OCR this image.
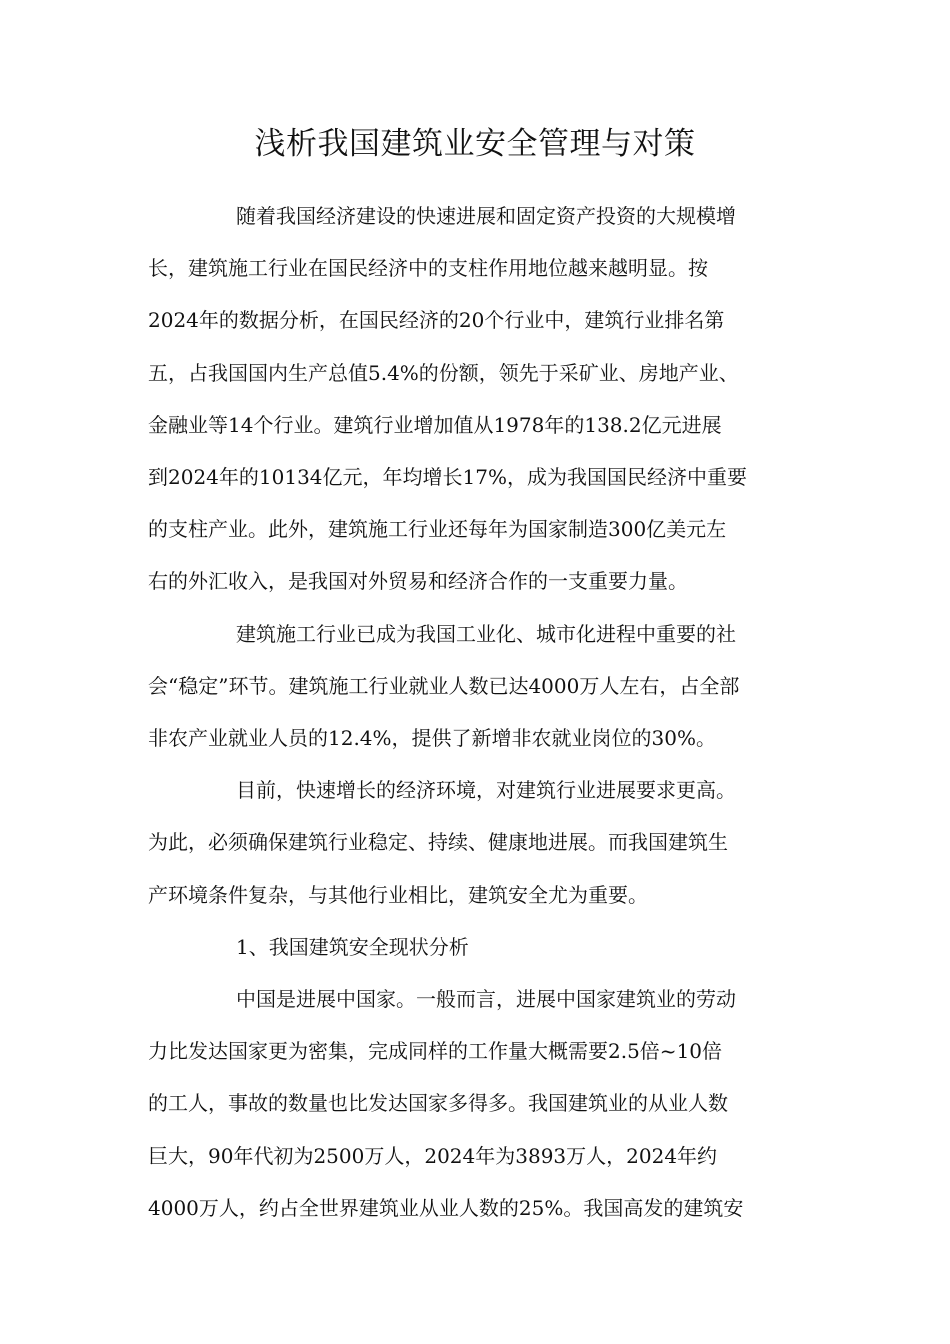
浅析我国建筑业安全管理与对策

随着我国经济建设的快速进展和固定资产投资的大规模增
长，建筑施工行业在国民经济中的支柱作用地位越来越明显。按
2024年的数据分析，在国民经济的20个行业中，建筑行业排名第
五，占我国国内生产总值5.4%的份额，领先于采矿业、房地产业、
金融业等14个行业。建筑行业增加值从1978年的138.2亿元进展
到2024年的10134亿元，年均增长17%，成为我国国民经济中重要
的支柱产业。此外，建筑施工行业还每年为国家制造300亿美元左
右的外汇收入，是我国对外贸易和经济合作的一支重要力量。

建筑施工行业已成为我国工业化、城市化进程中重要的社
会“稳定”环节。建筑施工行业就业人数已达4000万人左右，占全部
非农产业就业人员的12.4%，提供了新增非农就业岗位的30%。

目前，快速增长的经济环境，对建筑行业进展要求更高。
为此，必须确保建筑行业稳定、持续、健康地进展。而我国建筑生
产环境条件复杂，与其他行业相比，建筑安全尤为重要。

1、我国建筑安全现状分析

中国是进展中国家。一般而言，进展中国家建筑业的劳动
力比发达国家更为密集，完成同样的工作量大概需要2.5倍~10倍
的工人，事故的数量也比发达国家多得多。我国建筑业的从业人数
巨大，90年代初为2500万人，2024年为3893万人，2024年约
4000万人，约占全世界建筑业从业人数的25%。我国高发的建筑安
